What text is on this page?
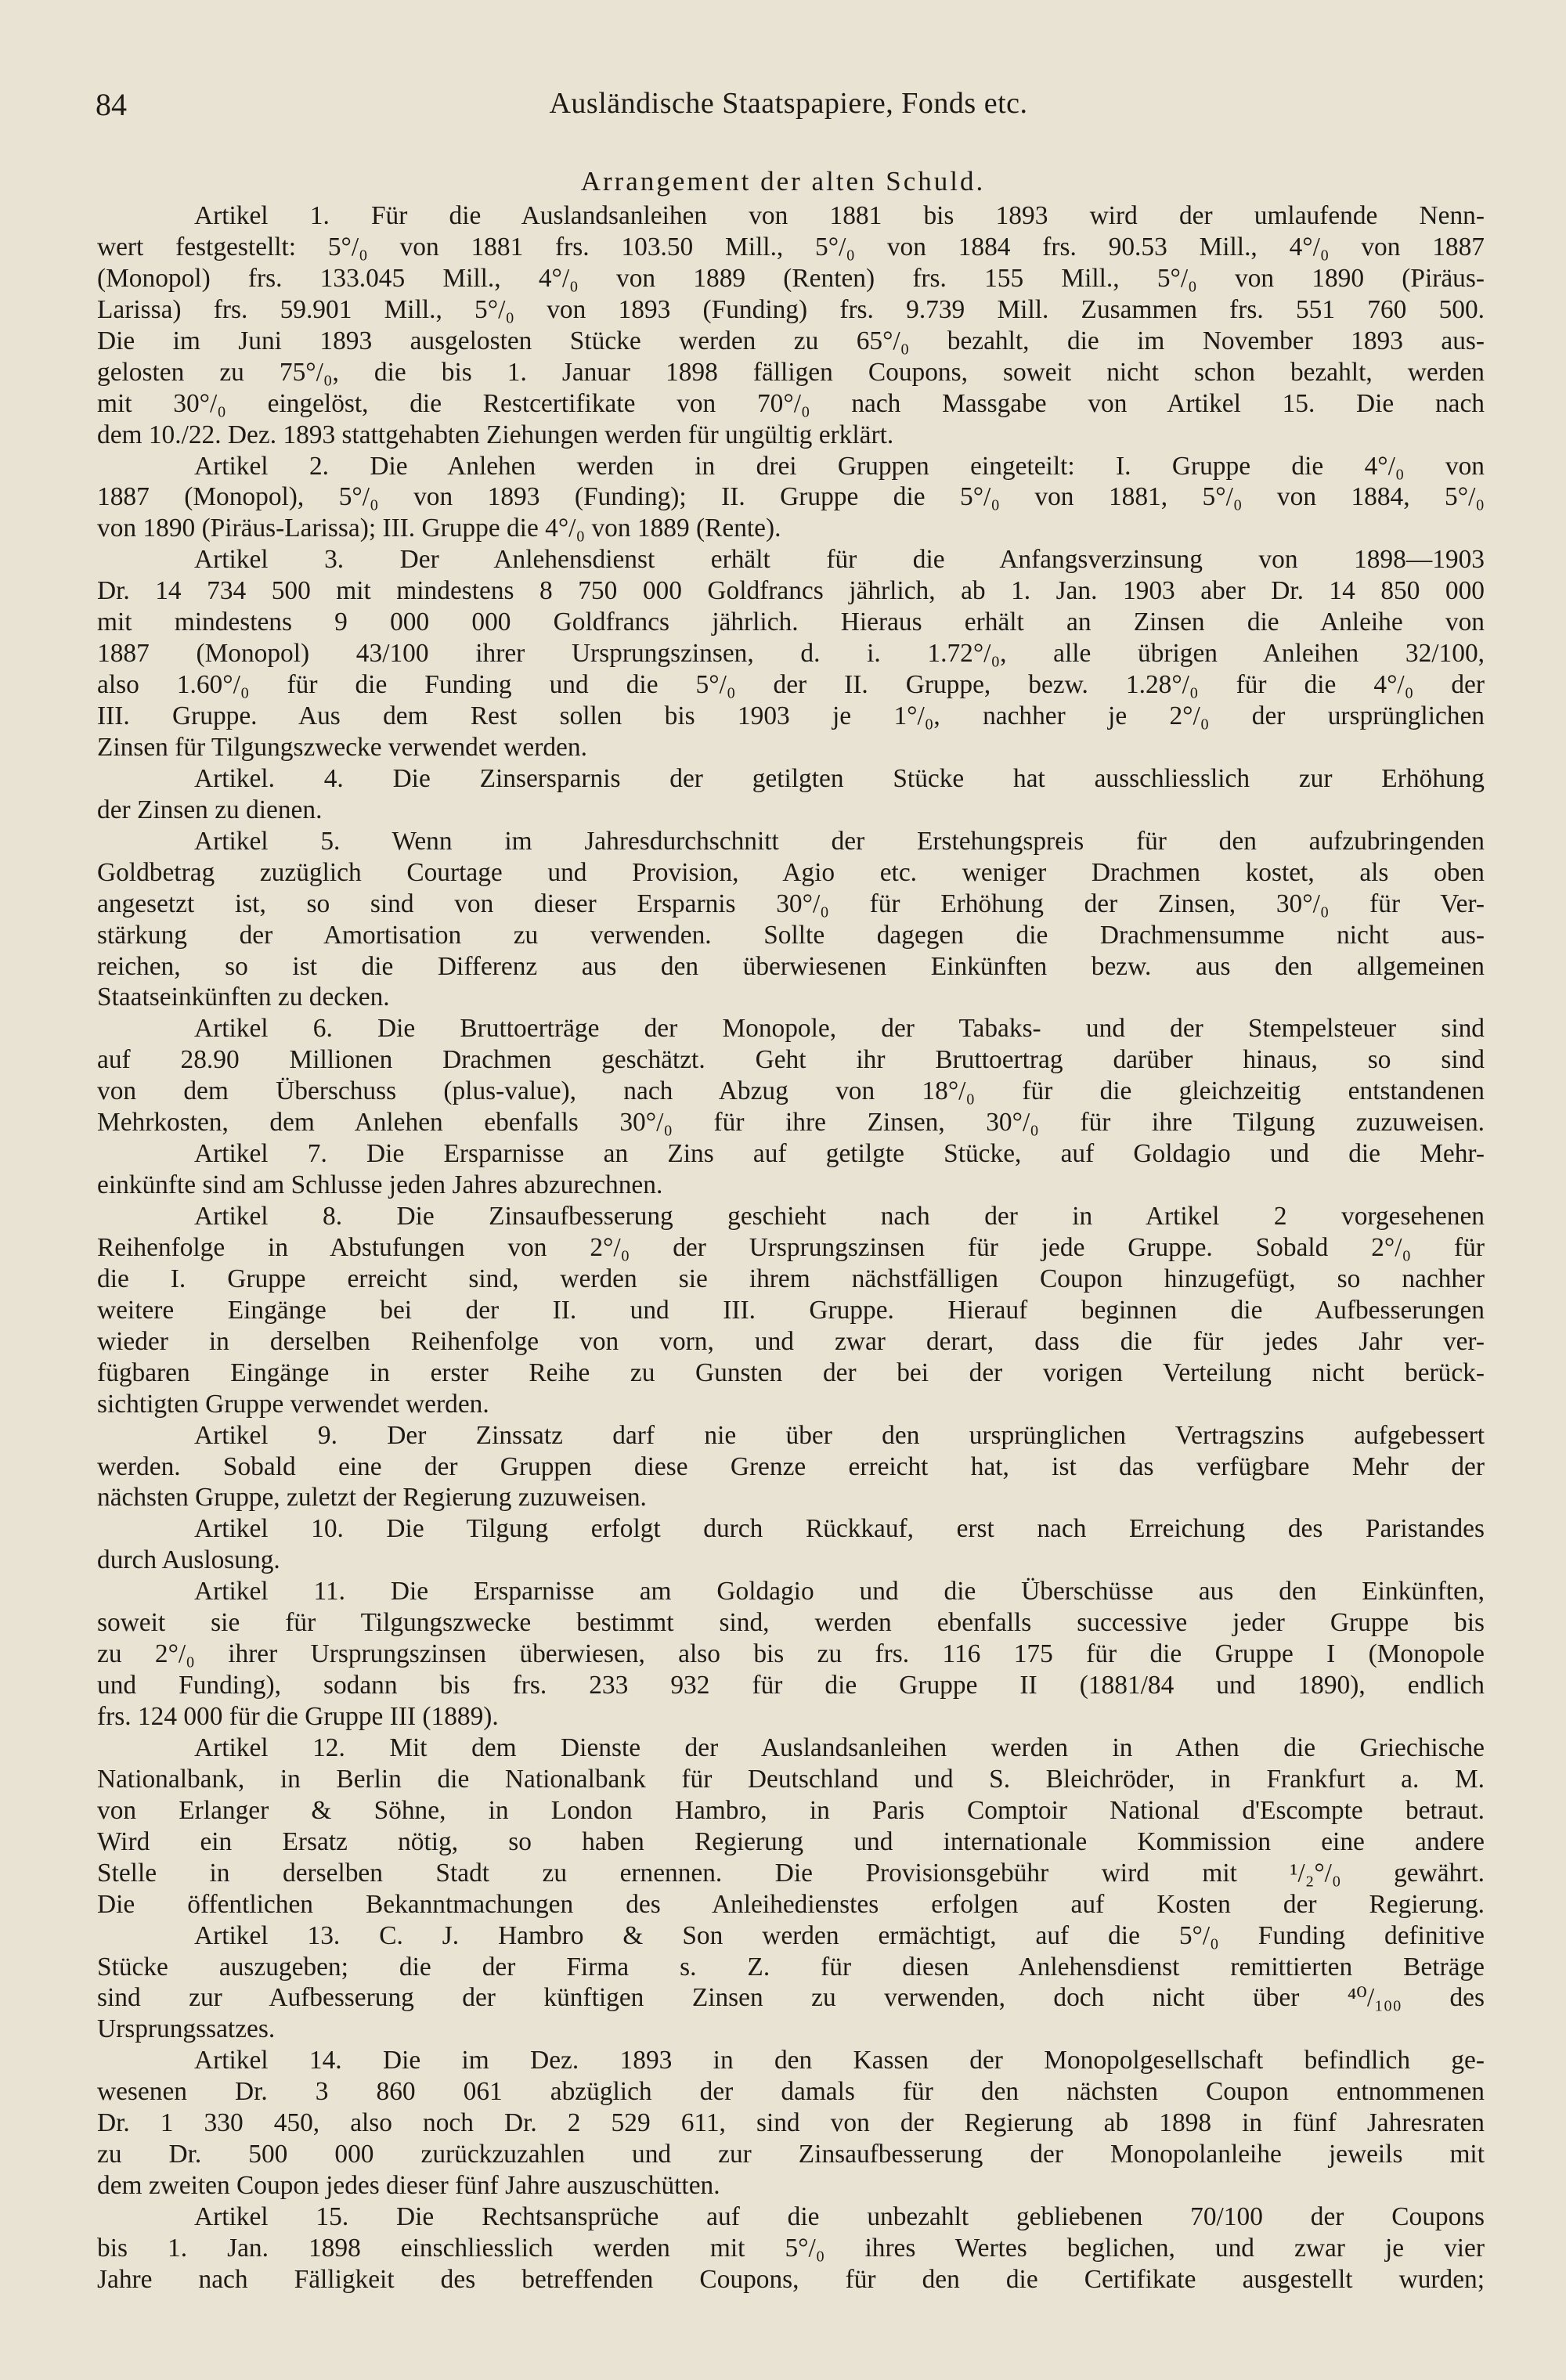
84	Ausländische Staatspapiere, Fonds etc.
Arrangement der alten Schuld.
Artikel 1. Für die Auslandsanleihen von 1881 bis 1893 wird der umlaufende Nenn-
wert festgestellt: 5°/₀ von 1881 frs. 103.50 Mill., 5°/₀ von 1884 frs. 90.53 Mill., 4°/₀ von 1887
(Monopol) frs. 133.045 Mill., 4°/₀ von 1889 (Renten) frs. 155 Mill., 5°/₀ von 1890 (Piräus-
Larissa) frs. 59.901 Mill., 5°/₀ von 1893 (Funding) frs. 9.739 Mill. Zusammen frs. 551 760 500.
Die im Juni 1893 ausgelosten Stücke werden zu 65°/₀ bezahlt, die im November 1893 aus-
gelosten zu 75°/₀, die bis 1. Januar 1898 fälligen Coupons, soweit nicht schon bezahlt, werden
mit 30°/₀ eingelöst, die Restcertifikate von 70°/₀ nach Massgabe von Artikel 15. Die nach
dem 10./22. Dez. 1893 stattgehabten Ziehungen werden für ungültig erklärt.
Artikel 2. Die Anlehen werden in drei Gruppen eingeteilt: I. Gruppe die 4°/₀ von
1887 (Monopol), 5°/₀ von 1893 (Funding); II. Gruppe die 5°/₀ von 1881, 5°/₀ von 1884, 5°/₀
von 1890 (Piräus-Larissa); III. Gruppe die 4°/₀ von 1889 (Rente).
Artikel 3. Der Anlehensdienst erhält für die Anfangsverzinsung von 1898—1903
Dr. 14 734 500 mit mindestens 8 750 000 Goldfrancs jährlich, ab 1. Jan. 1903 aber Dr. 14 850 000
mit mindestens 9 000 000 Goldfrancs jährlich. Hieraus erhält an Zinsen die Anleihe von
1887 (Monopol) 43/100 ihrer Ursprungszinsen, d. i. 1.72°/₀, alle übrigen Anleihen 32/100,
also 1.60°/₀ für die Funding und die 5°/₀ der II. Gruppe, bezw. 1.28°/₀ für die 4°/₀ der
III. Gruppe. Aus dem Rest sollen bis 1903 je 1°/₀, nachher je 2°/₀ der ursprünglichen
Zinsen für Tilgungszwecke verwendet werden.
Artikel. 4. Die Zinsersparnis der getilgten Stücke hat ausschliesslich zur Erhöhung
der Zinsen zu dienen.
Artikel 5. Wenn im Jahresdurchschnitt der Erstehungspreis für den aufzubringenden
Goldbetrag zuzüglich Courtage und Provision, Agio etc. weniger Drachmen kostet, als oben
angesetzt ist, so sind von dieser Ersparnis 30°/₀ für Erhöhung der Zinsen, 30°/₀ für Ver-
stärkung der Amortisation zu verwenden. Sollte dagegen die Drachmensumme nicht aus-
reichen, so ist die Differenz aus den überwiesenen Einkünften bezw. aus den allgemeinen
Staatseinkünften zu decken.
Artikel 6. Die Bruttoerträge der Monopole, der Tabaks- und der Stempelsteuer sind
auf 28.90 Millionen Drachmen geschätzt. Geht ihr Bruttoertrag darüber hinaus, so sind
von dem Überschuss (plus-value), nach Abzug von 18°/₀ für die gleichzeitig entstandenen
Mehrkosten, dem Anlehen ebenfalls 30°/₀ für ihre Zinsen, 30°/₀ für ihre Tilgung zuzuweisen.
Artikel 7. Die Ersparnisse an Zins auf getilgte Stücke, auf Goldagio und die Mehr-
einkünfte sind am Schlusse jeden Jahres abzurechnen.
Artikel 8. Die Zinsaufbesserung geschieht nach der in Artikel 2 vorgesehenen
Reihenfolge in Abstufungen von 2°/₀ der Ursprungszinsen für jede Gruppe. Sobald 2°/₀ für
die I. Gruppe erreicht sind, werden sie ihrem nächstfälligen Coupon hinzugefügt, so nachher
weitere Eingänge bei der II. und III. Gruppe. Hierauf beginnen die Aufbesserungen
wieder in derselben Reihenfolge von vorn, und zwar derart, dass die für jedes Jahr ver-
fügbaren Eingänge in erster Reihe zu Gunsten der bei der vorigen Verteilung nicht berück-
sichtigten Gruppe verwendet werden.
Artikel 9. Der Zinssatz darf nie über den ursprünglichen Vertragszins aufgebessert
werden. Sobald eine der Gruppen diese Grenze erreicht hat, ist das verfügbare Mehr der
nächsten Gruppe, zuletzt der Regierung zuzuweisen.
Artikel 10. Die Tilgung erfolgt durch Rückkauf, erst nach Erreichung des Paristandes
durch Auslosung.
Artikel 11. Die Ersparnisse am Goldagio und die Überschüsse aus den Einkünften,
soweit sie für Tilgungszwecke bestimmt sind, werden ebenfalls successive jeder Gruppe bis
zu 2°/₀ ihrer Ursprungszinsen überwiesen, also bis zu frs. 116 175 für die Gruppe I (Monopole
und Funding), sodann bis frs. 233 932 für die Gruppe II (1881/84 und 1890), endlich
frs. 124 000 für die Gruppe III (1889).
Artikel 12. Mit dem Dienste der Auslandsanleihen werden in Athen die Griechische
Nationalbank, in Berlin die Nationalbank für Deutschland und S. Bleichröder, in Frankfurt a. M.
von Erlanger & Söhne, in London Hambro, in Paris Comptoir National d'Escompte betraut.
Wird ein Ersatz nötig, so haben Regierung und internationale Kommission eine andere
Stelle in derselben Stadt zu ernennen. Die Provisionsgebühr wird mit ¹/₂°/₀ gewährt.
Die öffentlichen Bekanntmachungen des Anleihedienstes erfolgen auf Kosten der Regierung.
Artikel 13. C. J. Hambro & Son werden ermächtigt, auf die 5°/₀ Funding definitive
Stücke auszugeben; die der Firma s. Z. für diesen Anlehensdienst remittierten Beträge
sind zur Aufbesserung der künftigen Zinsen zu verwenden, doch nicht über ⁴⁰/₁₀₀ des
Ursprungssatzes.
Artikel 14. Die im Dez. 1893 in den Kassen der Monopolgesellschaft befindlich ge-
wesenen Dr. 3 860 061 abzüglich der damals für den nächsten Coupon entnommenen
Dr. 1 330 450, also noch Dr. 2 529 611, sind von der Regierung ab 1898 in fünf Jahresraten
zu Dr. 500 000 zurückzuzahlen und zur Zinsaufbesserung der Monopolanleihe jeweils mit
dem zweiten Coupon jedes dieser fünf Jahre auszuschütten.
Artikel 15. Die Rechtsansprüche auf die unbezahlt gebliebenen 70/100 der Coupons
bis 1. Jan. 1898 einschliesslich werden mit 5°/₀ ihres Wertes beglichen, und zwar je vier
Jahre nach Fälligkeit des betreffenden Coupons, für den die Certifikate ausgestellt wurden;
